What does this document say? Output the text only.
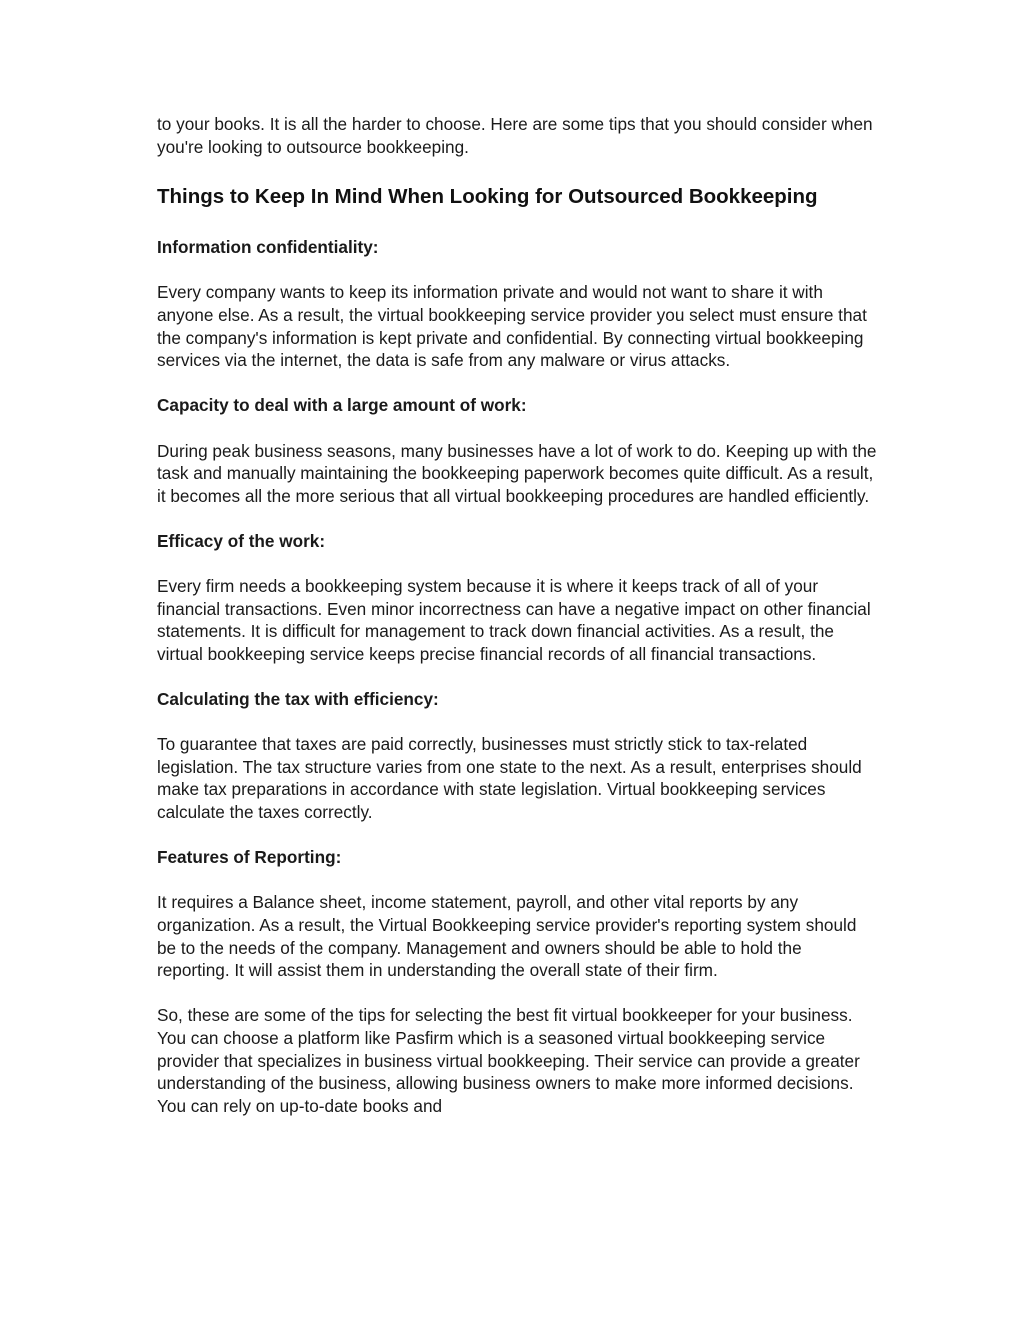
to your books. It is all the harder to choose. Here are some tips that you should consider when you're looking to outsource bookkeeping.

Things to Keep In Mind When Looking for Outsourced Bookkeeping

Information confidentiality:

Every company wants to keep its information private and would not want to share it with anyone else. As a result, the virtual bookkeeping service provider you select must ensure that the company's information is kept private and confidential. By connecting virtual bookkeeping services via the internet, the data is safe from any malware or virus attacks.

Capacity to deal with a large amount of work:

During peak business seasons, many businesses have a lot of work to do. Keeping up with the task and manually maintaining the bookkeeping paperwork becomes quite difficult. As a result, it becomes all the more serious that all virtual bookkeeping procedures are handled efficiently.

Efficacy of the work:

Every firm needs a bookkeeping system because it is where it keeps track of all of your financial transactions. Even minor incorrectness can have a negative impact on other financial statements. It is difficult for management to track down financial activities. As a result, the virtual bookkeeping service keeps precise financial records of all financial transactions.

Calculating the tax with efficiency:

To guarantee that taxes are paid correctly, businesses must strictly stick to tax-related legislation. The tax structure varies from one state to the next. As a result, enterprises should make tax preparations in accordance with state legislation. Virtual bookkeeping services calculate the taxes correctly.

Features of Reporting:

It requires a Balance sheet, income statement, payroll, and other vital reports by any organization. As a result, the Virtual Bookkeeping service provider's reporting system should be to the needs of the company. Management and owners should be able to hold the reporting. It will assist them in understanding the overall state of their firm.

So, these are some of the tips for selecting the best fit virtual bookkeeper for your business. You can choose a platform like Pasfirm which is a seasoned virtual bookkeeping service provider that specializes in business virtual bookkeeping. Their service can provide a greater understanding of the business, allowing business owners to make more informed decisions. You can rely on up-to-date books and
